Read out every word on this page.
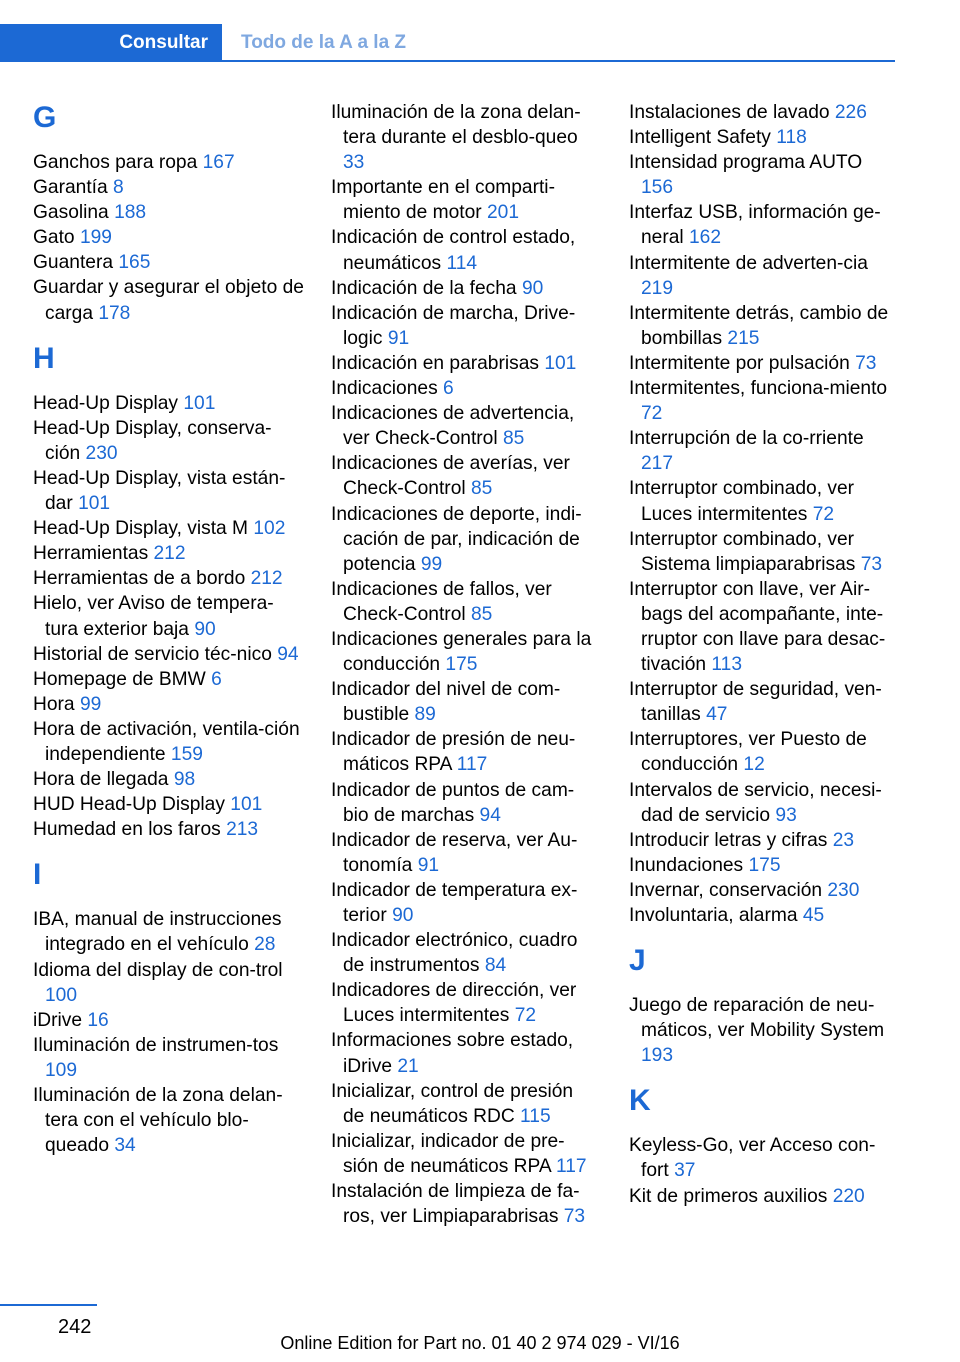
Consultar	Todo de la A a la Z
G
Ganchos para ropa 167
Garantía 8
Gasolina 188
Gato 199
Guantera 165
Guardar y asegurar el objeto de carga 178
H
Head-Up Display 101
Head-Up Display, conserva-ción 230
Head-Up Display, vista están-dar 101
Head-Up Display, vista M 102
Herramientas 212
Herramientas de a bordo 212
Hielo, ver Aviso de tempera-tura exterior baja 90
Historial de servicio téc-nico 94
Homepage de BMW 6
Hora 99
Hora de activación, ventila-ción independiente 159
Hora de llegada 98
HUD Head-Up Display 101
Humedad en los faros 213
I
IBA, manual de instrucciones integrado en el vehículo 28
Idioma del display de con-trol 100
iDrive 16
Iluminación de instrumen-tos 109
Iluminación de la zona delan-tera con el vehículo blo-queado 34
Iluminación de la zona delan-tera durante el desblo-queo 33
Importante en el comparti-miento de motor 201
Indicación de control estado, neumáticos 114
Indicación de la fecha 90
Indicación de marcha, Drive-logic 91
Indicación en parabrisas 101
Indicaciones 6
Indicaciones de advertencia, ver Check-Control 85
Indicaciones de averías, ver Check-Control 85
Indicaciones de deporte, indi-cación de par, indicación de potencia 99
Indicaciones de fallos, ver Check-Control 85
Indicaciones generales para la conducción 175
Indicador del nivel de com-bustible 89
Indicador de presión de neu-máticos RPA 117
Indicador de puntos de cam-bio de marchas 94
Indicador de reserva, ver Au-tonomía 91
Indicador de temperatura ex-terior 90
Indicador electrónico, cuadro de instrumentos 84
Indicadores de dirección, ver Luces intermitentes 72
Informaciones sobre estado, iDrive 21
Inicializar, control de presión de neumáticos RDC 115
Inicializar, indicador de pre-sión de neumáticos RPA 117
Instalación de limpieza de fa-ros, ver Limpiaparabrisas 73
Instalaciones de lavado 226
Intelligent Safety 118
Intensidad programa AUTO 156
Interfaz USB, información ge-neral 162
Intermitente de adverten-cia 219
Intermitente detrás, cambio de bombillas 215
Intermitente por pulsación 73
Intermitentes, funciona-miento 72
Interrupción de la co-rriente 217
Interruptor combinado, ver Luces intermitentes 72
Interruptor combinado, ver Sistema limpiaparabrisas 73
Interruptor con llave, ver Air-bags del acompañante, inte-rruptor con llave para desac-tivación 113
Interruptor de seguridad, ven-tanillas 47
Interruptores, ver Puesto de conducción 12
Intervalos de servicio, necesi-dad de servicio 93
Introducir letras y cifras 23
Inundaciones 175
Invernar, conservación 230
Involuntaria, alarma 45
J
Juego de reparación de neu-máticos, ver Mobility System 193
K
Keyless-Go, ver Acceso con-fort 37
Kit de primeros auxilios 220
242
Online Edition for Part no. 01 40 2 974 029 - VI/16
